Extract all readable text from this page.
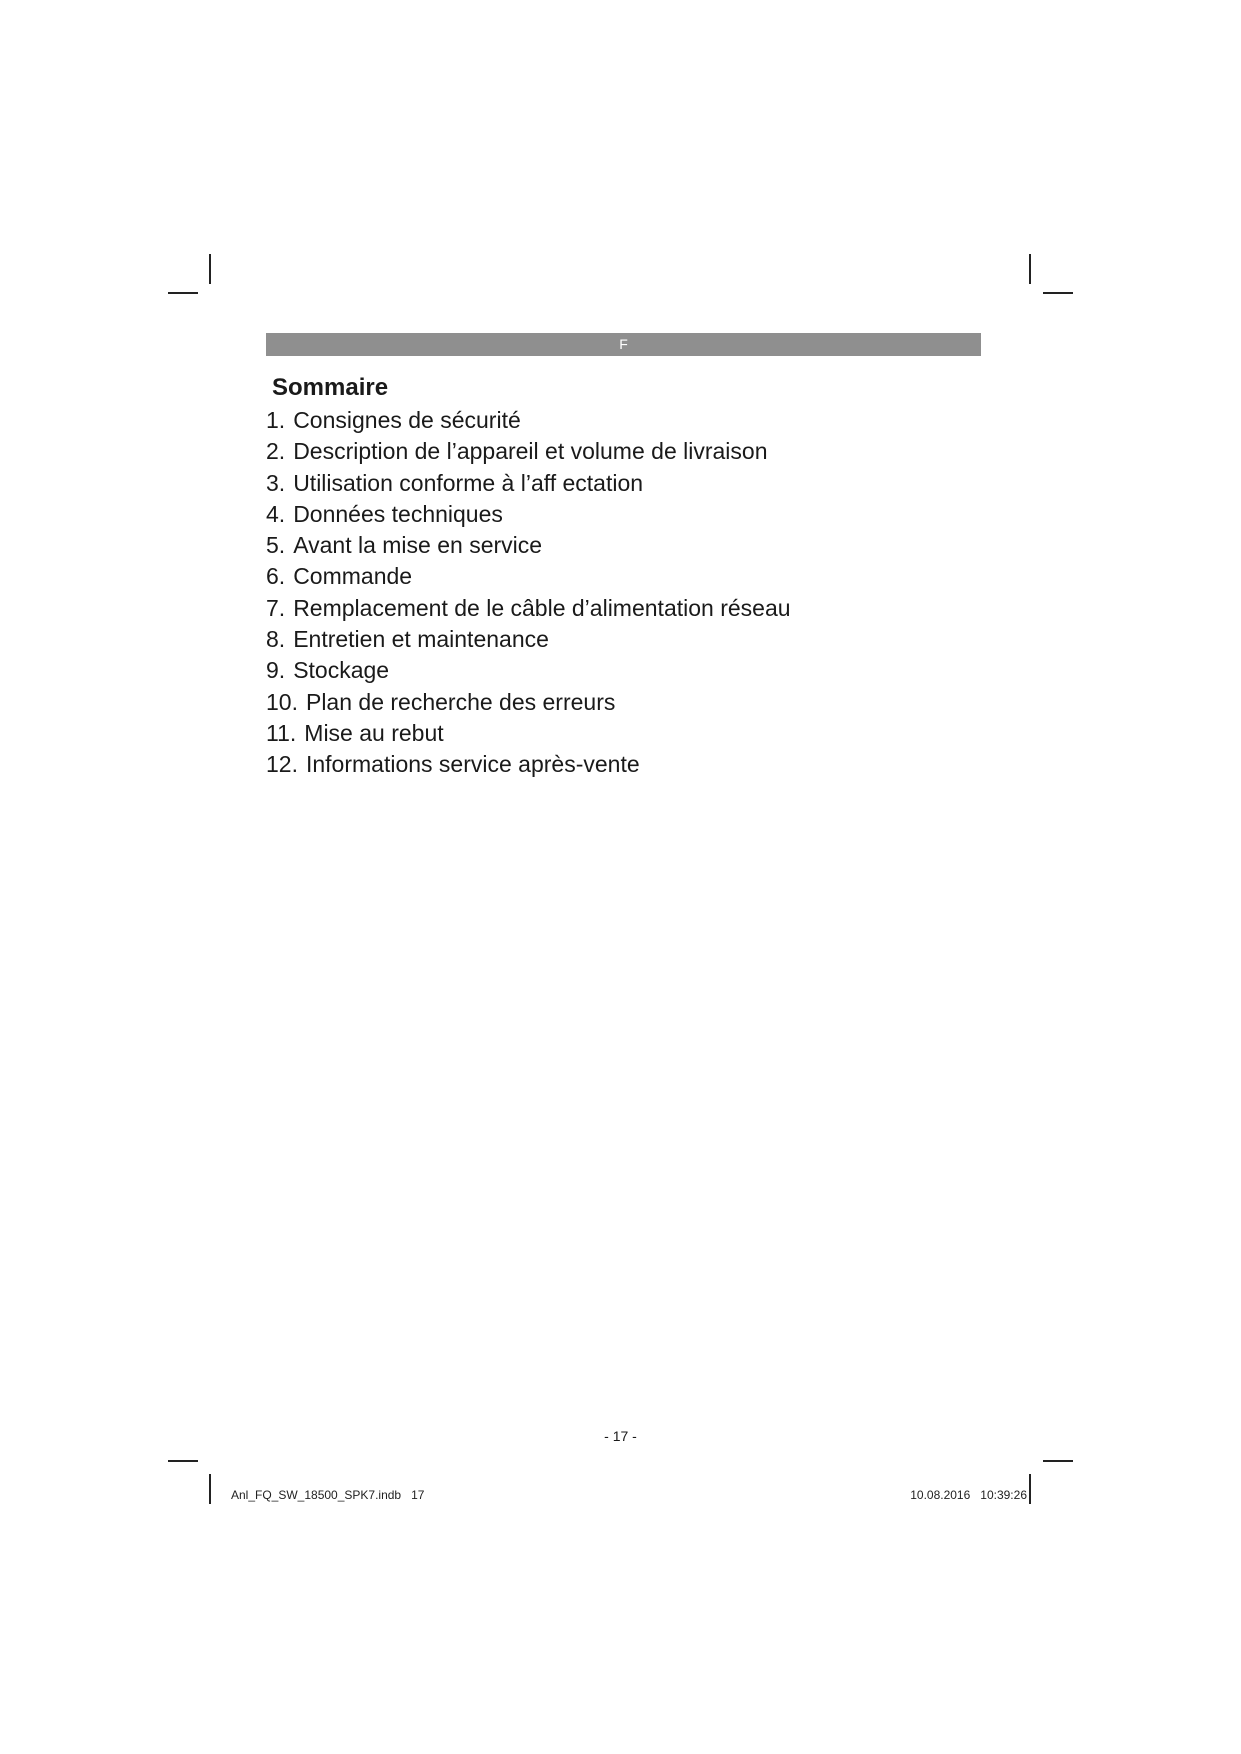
F
Sommaire
1. Consignes de sécurité
2. Description de l’appareil et volume de livraison
3. Utilisation conforme à l’aff ectation
4. Données techniques
5. Avant la mise en service
6. Commande
7. Remplacement de le câble d’alimentation réseau
8. Entretien et maintenance
9. Stockage
10. Plan de recherche des erreurs
11. Mise au rebut
12. Informations service après-vente
- 17 -
Anl_FQ_SW_18500_SPK7.indb   17	10.08.2016   10:39:26
